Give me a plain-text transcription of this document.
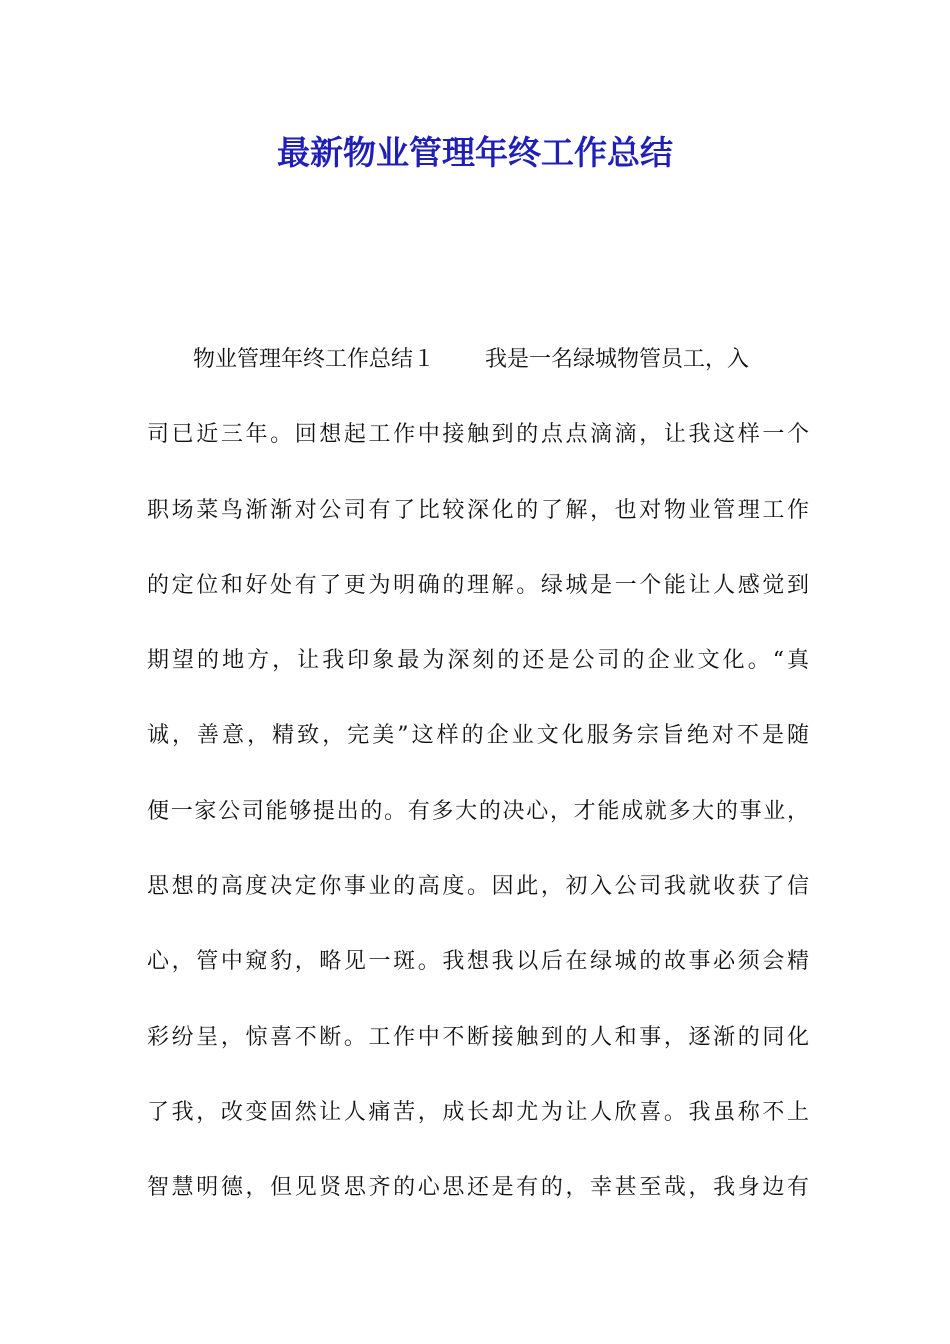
最新物业管理年终工作总结
物业管理年终工作总结１ 我是一名绿城物管员工，入
司已近三年。回想起工作中接触到的点点滴滴，让我这样一个
职场菜鸟渐渐对公司有了比较深化的了解，也对物业管理工作
的定位和好处有了更为明确的理解。绿城是一个能让人感觉到
期望的地方，让我印象最为深刻的还是公司的企业文化。“真
诚，善意，精致，完美”这样的企业文化服务宗旨绝对不是随
便一家公司能够提出的。有多大的决心，才能成就多大的事业，
思想的高度决定你事业的高度。因此，初入公司我就收获了信
心，管中窥豹，略见一斑。我想我以后在绿城的故事必须会精
彩纷呈，惊喜不断。工作中不断接触到的人和事，逐渐的同化
了我，改变固然让人痛苦，成长却尤为让人欣喜。我虽称不上
智慧明德，但见贤思齐的心思还是有的，幸甚至哉，我身边有
